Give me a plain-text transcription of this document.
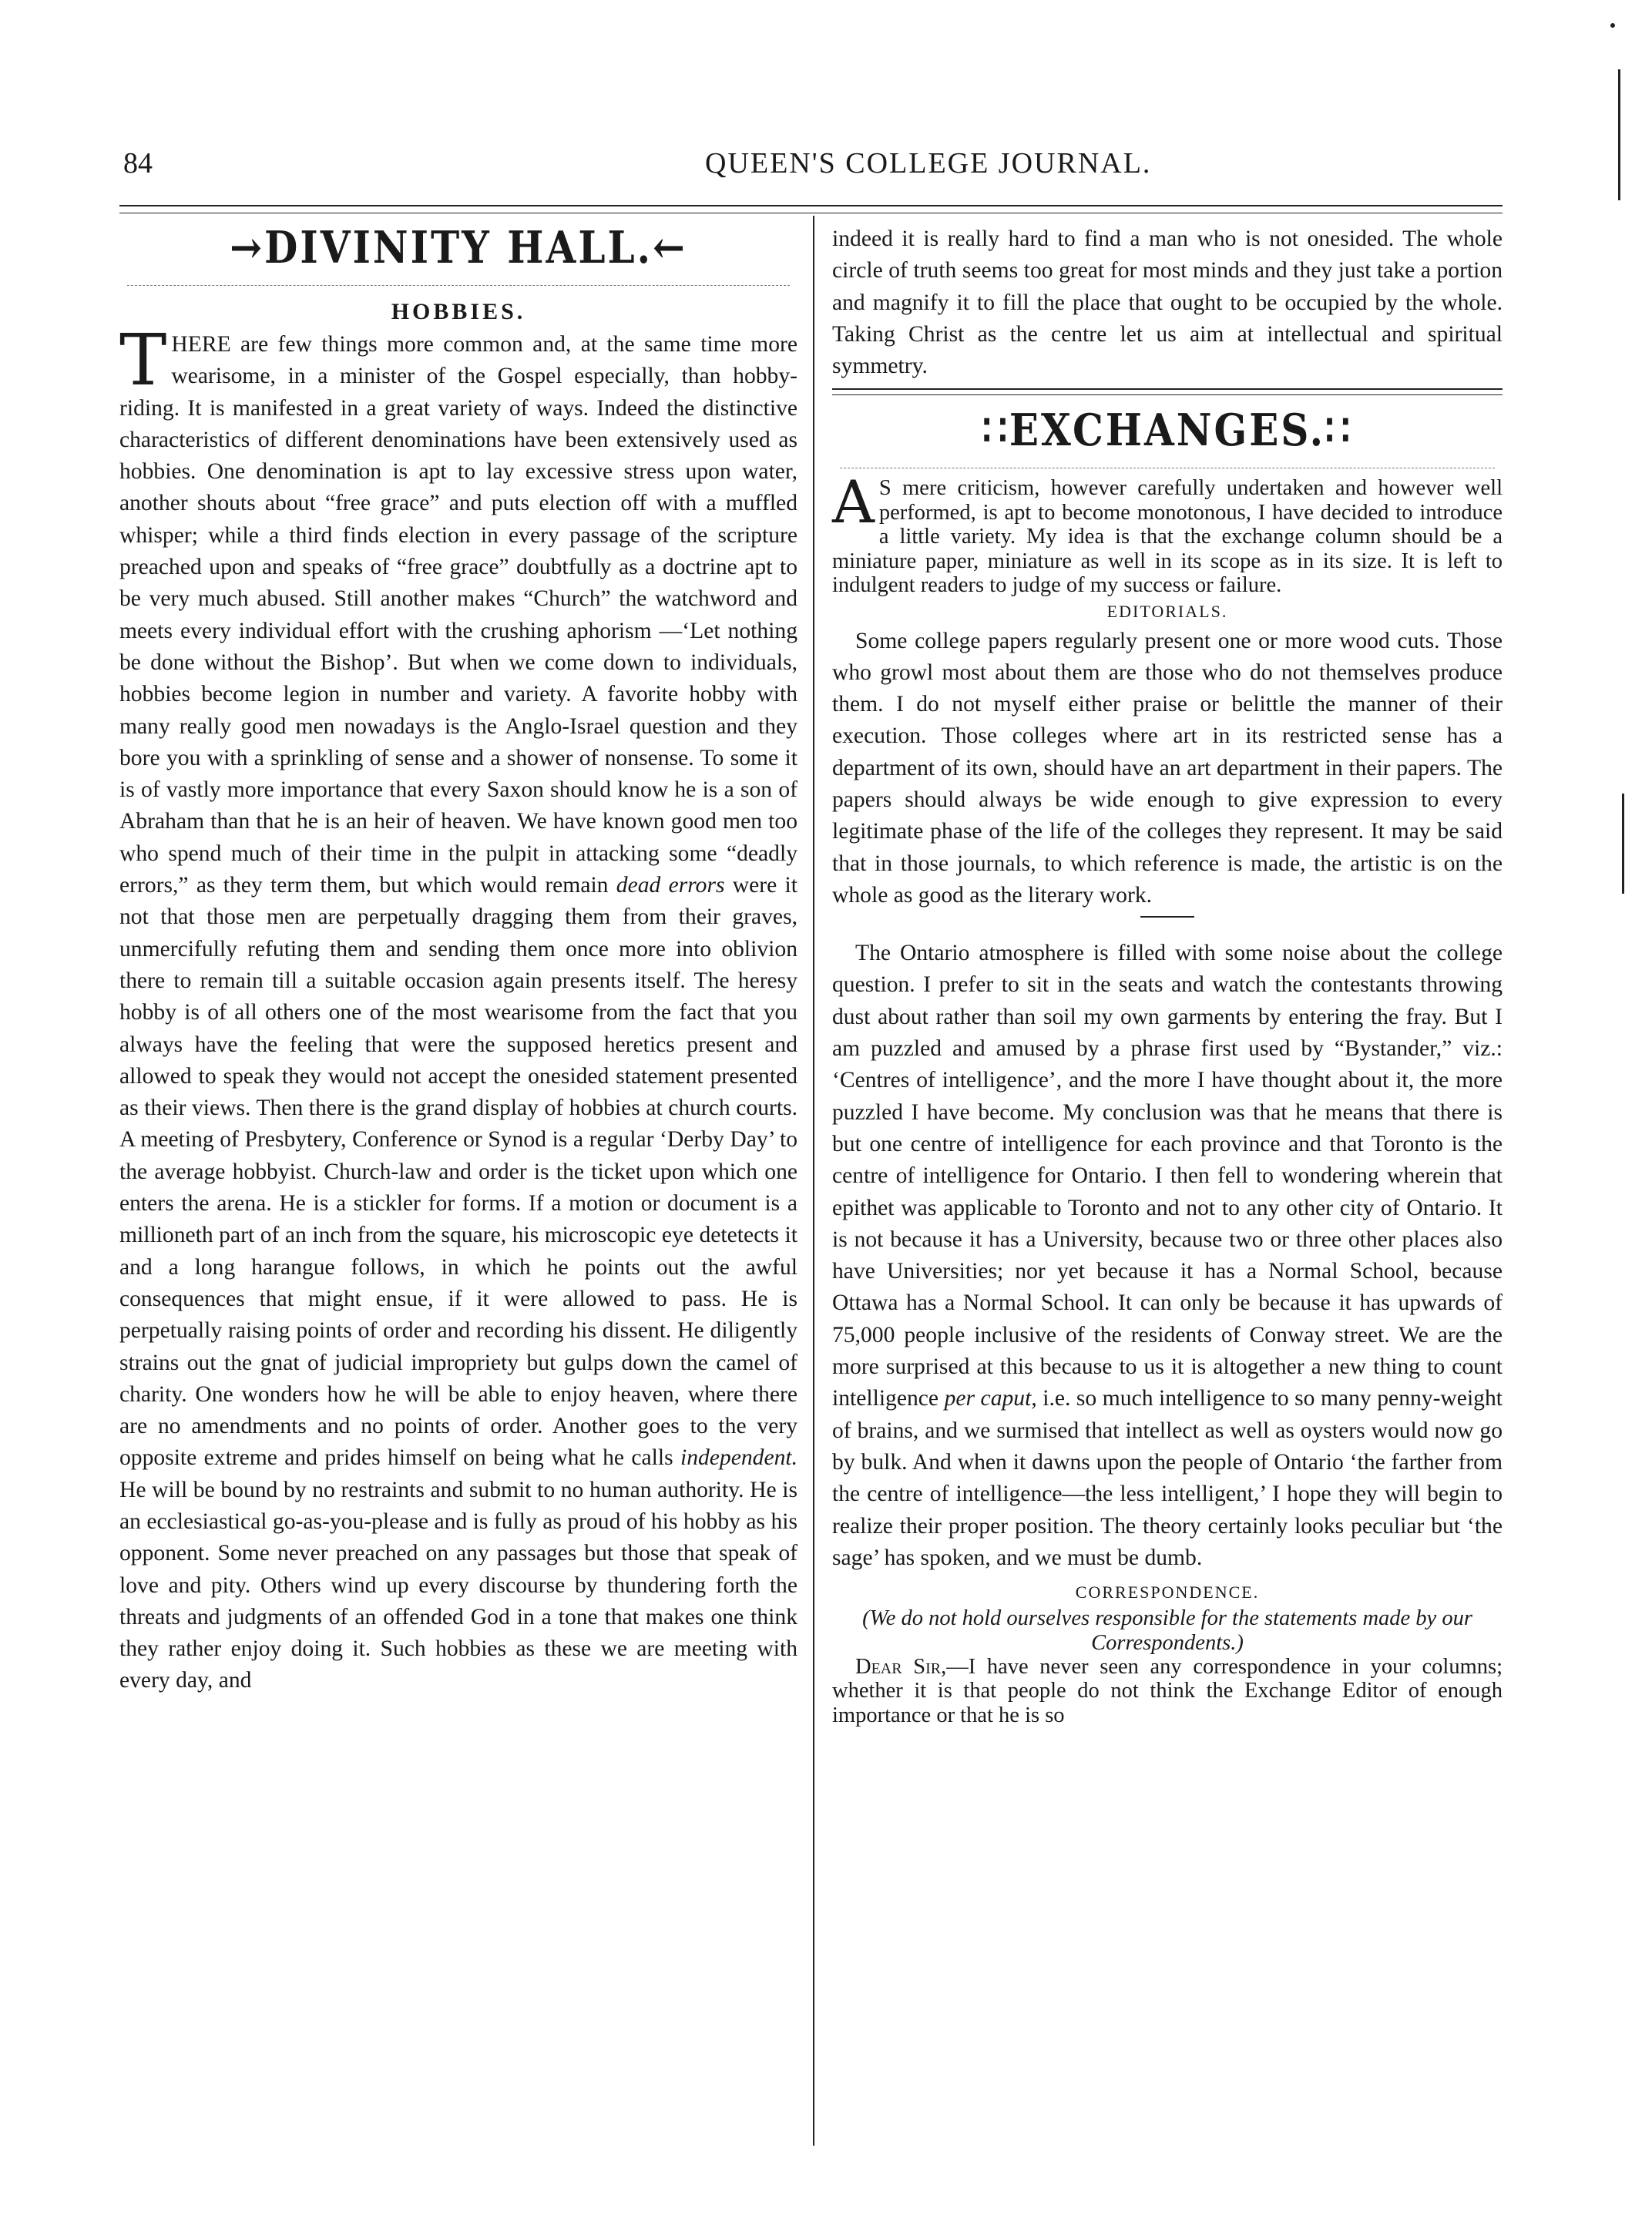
84	QUEEN'S COLLEGE JOURNAL.
→DIVINITY HALL.←
HOBBIES.

THERE are few things more common and, at the same time more wearisome, in a minister of the Gospel especially, than hobby-riding. It is manifested in a great variety of ways. Indeed the distinctive characteristics of different denominations have been extensively used as hobbies. One denomination is apt to lay excessive stress upon water, another shouts about “free grace” and puts election off with a muffled whisper; while a third finds election in every passage of the scripture preached upon and speaks of “free grace” doubtfully as a doctrine apt to be very much abused. Still another makes “Church” the watchword and meets every individual effort with the crushing aphorism —‘Let nothing be done without the Bishop’. But when we come down to individuals, hobbies become legion in number and variety. A favorite hobby with many really good men nowadays is the Anglo-Israel question and they bore you with a sprinkling of sense and a shower of nonsense. To some it is of vastly more importance that every Saxon should know he is a son of Abraham than that he is an heir of heaven. We have known good men too who spend much of their time in the pulpit in attacking some “deadly errors,” as they term them, but which would remain dead errors were it not that those men are perpetually dragging them from their graves, unmercifully refuting them and sending them once more into oblivion there to remain till a suitable occasion again presents itself. The heresy hobby is of all others one of the most wearisome from the fact that you always have the feeling that were the supposed heretics present and allowed to speak they would not accept the onesided statement presented as their views. Then there is the grand display of hobbies at church courts. A meeting of Presbytery, Conference or Synod is a regular ‘Derby Day’ to the average hobbyist. Church-law and order is the ticket upon which one enters the arena. He is a stickler for forms. If a motion or document is a millioneth part of an inch from the square, his microscopic eye detetects it and a long harangue follows, in which he points out the awful consequences that might ensue, if it were allowed to pass. He is perpetually raising points of order and recording his dissent. He diligently strains out the gnat of judicial impropriety but gulps down the camel of charity. One wonders how he will be able to enjoy heaven, where there are no amendments and no points of order. Another goes to the very opposite extreme and prides himself on being what he calls independent. He will be bound by no restraints and submit to no human authority. He is an ecclesiastical go-as-you-please and is fully as proud of his hobby as his opponent. Some never preached on any passages but those that speak of love and pity. Others wind up every discourse by thundering forth the threats and judgments of an offended God in a tone that makes one think they rather enjoy doing it. Such hobbies as these we are meeting with every day, and

indeed it is really hard to find a man who is not onesided. The whole circle of truth seems too great for most minds and they just take a portion and magnify it to fill the place that ought to be occupied by the whole. Taking Christ as the centre let us aim at intellectual and spiritual symmetry.

∷EXCHANGES.∷

A S mere criticism, however carefully undertaken and however well performed, is apt to become monotonous, I have decided to introduce a little variety. My idea is that the exchange column should be a miniature paper, miniature as well in its scope as in its size. It is left to indulgent readers to judge of my success or failure.

EDITORIALS.

Some college papers regularly present one or more wood cuts. Those who growl most about them are those who do not themselves produce them. I do not myself either praise or belittle the manner of their execution. Those colleges where art in its restricted sense has a department of its own, should have an art department in their papers. The papers should always be wide enough to give expression to every legitimate phase of the life of the colleges they represent. It may be said that in those journals, to which reference is made, the artistic is on the whole as good as the literary work.

The Ontario atmosphere is filled with some noise about the college question. I prefer to sit in the seats and watch the contestants throwing dust about rather than soil my own garments by entering the fray. But I am puzzled and amused by a phrase first used by “Bystander,” viz.: ‘Centres of intelligence’, and the more I have thought about it, the more puzzled I have become. My conclusion was that he means that there is but one centre of intelligence for each province and that Toronto is the centre of intelligence for Ontario. I then fell to wondering wherein that epithet was applicable to Toronto and not to any other city of Ontario. It is not because it has a University, because two or three other places also have Universities; nor yet because it has a Normal School, because Ottawa has a Normal School. It can only be because it has upwards of 75,000 people inclusive of the residents of Conway street. We are the more surprised at this because to us it is altogether a new thing to count intelligence per caput, i.e. so much intelligence to so many penny-weight of brains, and we surmised that intellect as well as oysters would now go by bulk. And when it dawns upon the people of Ontario ‘the farther from the centre of intelligence—the less intelligent,’ I hope they will begin to realize their proper position. The theory certainly looks peculiar but ‘the sage’ has spoken, and we must be dumb.

CORRESPONDENCE.

(We do not hold ourselves responsible for the statements made by our Correspondents.)

Dear Sir,—I have never seen any correspondence in your columns; whether it is that people do not think the Exchange Editor of enough importance or that he is so
